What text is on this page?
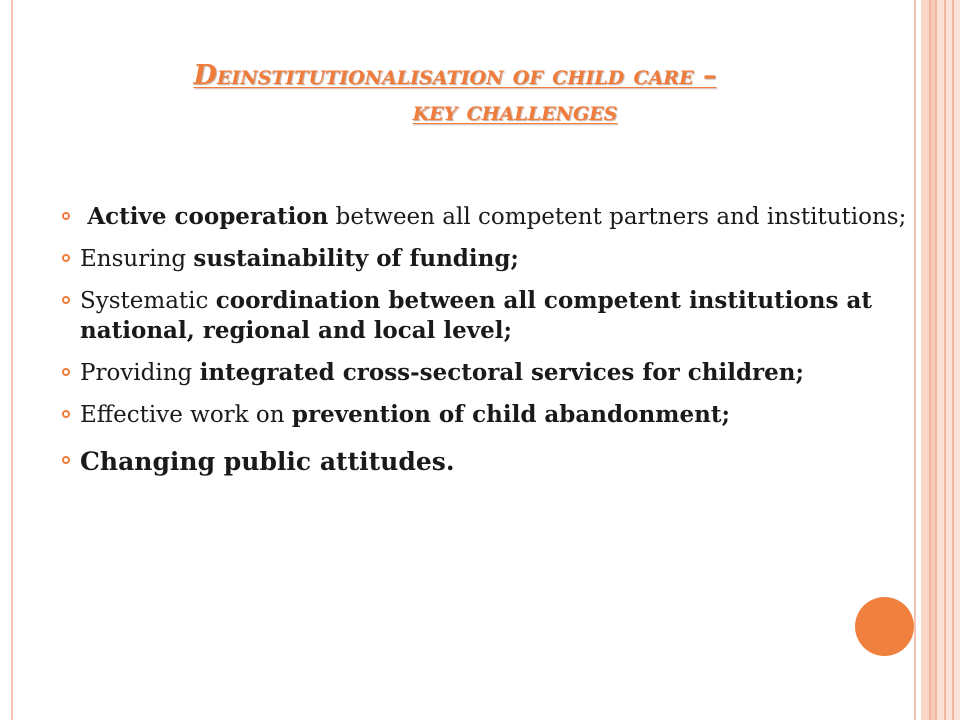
Deinstitutionalisation of child care –
key challenges
Active cooperation between all competent partners and institutions;
Ensuring sustainability of funding;
Systematic coordination between all competent institutions at national, regional and local level;
Providing integrated cross-sectoral services for children;
Effective work on prevention of child abandonment;
Changing public attitudes.
